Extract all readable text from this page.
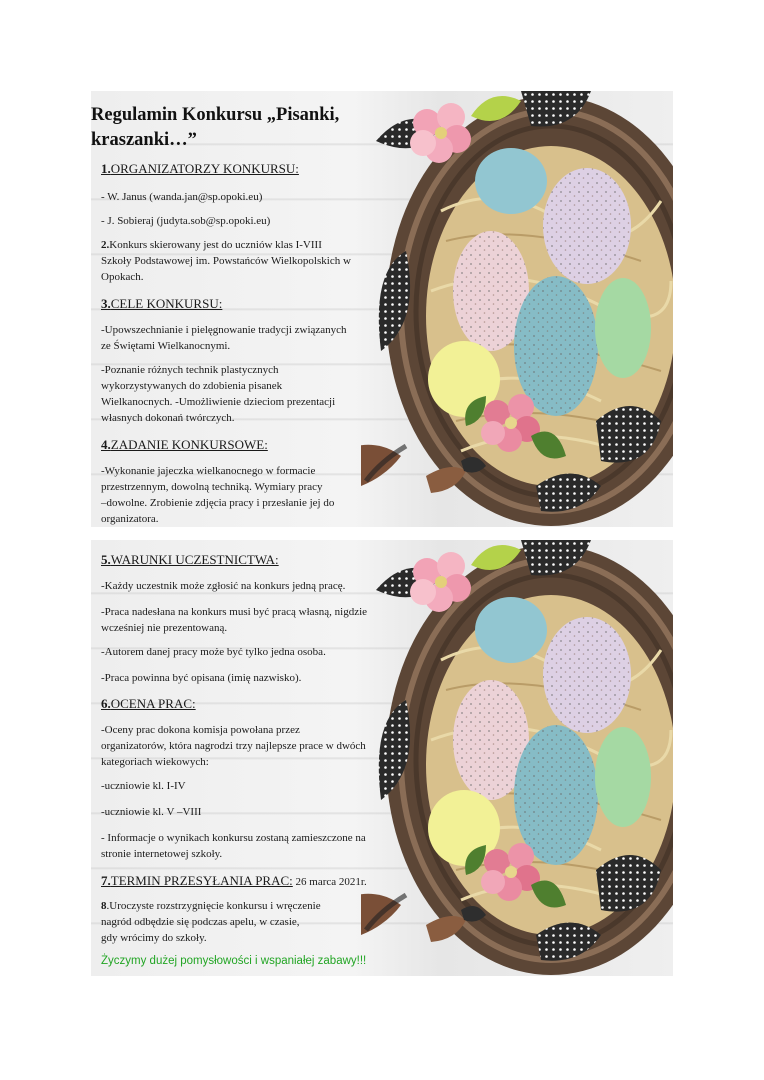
Regulamin Konkursu „Pisanki,
kraszanki…”

1.ORGANIZATORZY KONKURSU:

- W. Janus (wanda.jan@sp.opoki.eu)

- J. Sobieraj (judyta.sob@sp.opoki.eu)

2.Konkurs skierowany jest do uczniów klas I-VIII
Szkoły Podstawowej im. Powstańców Wielkopolskich w
Opokach.

3.CELE KONKURSU:

-Upowszechnianie i pielęgnowanie tradycji związanych
ze Świętami Wielkanocnymi.

-Poznanie różnych technik plastycznych
wykorzystywanych do zdobienia pisanek
Wielkanocnych. -Umożliwienie dzieciom prezentacji
własnych dokonań twórczych.

4.ZADANIE KONKURSOWE:

-Wykonanie jajeczka wielkanocnego w formacie
przestrzennym, dowolną techniką. Wymiary pracy
–dowolne. Zrobienie zdjęcia pracy i przesłanie jej do
organizatora.

5.WARUNKI UCZESTNICTWA:

-Każdy uczestnik może zgłosić na konkurs jedną pracę.

-Praca nadesłana na konkurs musi być pracą własną, nigdzie
wcześniej nie prezentowaną.

-Autorem danej pracy może być tylko jedna osoba.

-Praca powinna być opisana (imię nazwisko).

6.OCENA PRAC:

-Oceny prac dokona komisja powołana przez
organizatorów, która nagrodzi trzy najlepsze prace w dwóch
kategoriach wiekowych:

-uczniowie kl. I-IV

-uczniowie kl. V –VIII

- Informacje o wynikach konkursu zostaną zamieszczone na
stronie internetowej szkoły.

7.TERMIN PRZESYŁANIA PRAC: 26 marca 2021r.

8.Uroczyste rozstrzygnięcie konkursu i wręczenie
nagród odbędzie się podczas apelu, w czasie,
gdy wrócimy do szkoły.

Życzymy dużej pomysłowości i wspaniałej zabawy!!!
